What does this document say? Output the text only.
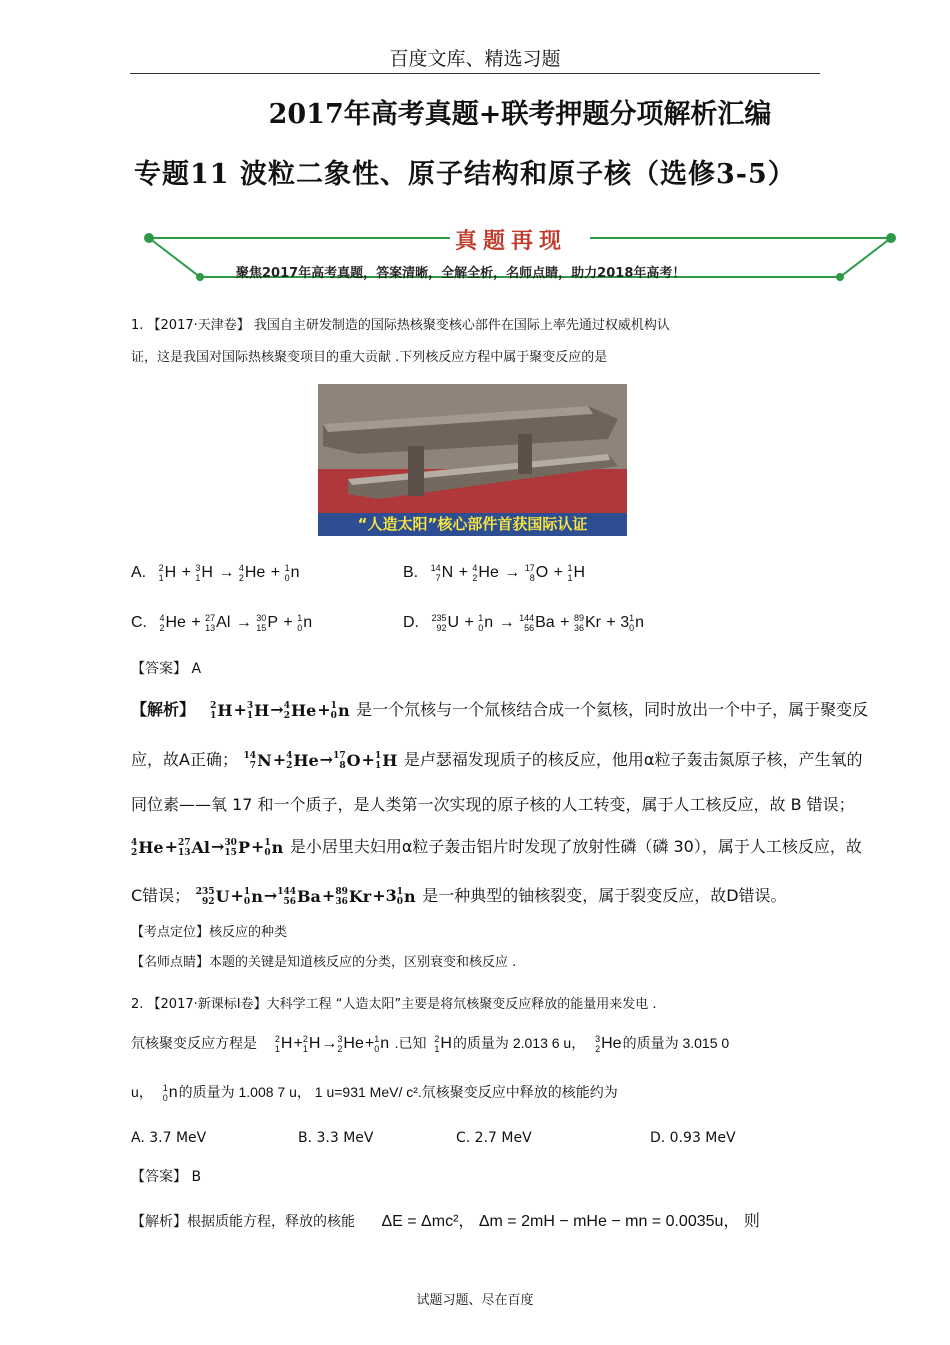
百度文库、精选习题
2017年高考真题+联考押题分项解析汇编
专题11 波粒二象性、原子结构和原子核（选修3-5）
真题再现
聚焦2017年高考真题，答案清晰，全解全析，名师点睛，助力2018年高考！
1. 【2017·天津卷】 我国自主研发制造的国际热核聚变核心部件在国际上率先通过权威机构认
证，这是我国对国际热核聚变项目的重大贡献 .下列核反应方程中属于聚变反应的是
“人造太阳”核心部件首获国际认证
A. 2
1 H + 3
1 H → 4
2 He + 1
0 n	B. 14
7 N + 4
2 He → 17
8 O + 1
1 H
C. 4
2 He + 27
13 Al → 30
15 P + 1
0 n	D. 235
92 U + 1
0 n → 144
56 Ba + 89
36 Kr + 3 1
0 n
【答案】 A
【解析】 2
1 H+ 3
1 H→ 4
2 He+ 1
0 n 是一个氘核与一个氚核结合成一个氦核，同时放出一个中子，属于聚变反
应，故A正确； 14
7 N+ 4
2 He→ 17
8 O+ 1
1 H 是卢瑟福发现质子的核反应，他用α粒子轰击氮原子核，产生氧的
同位素——氧 17 和一个质子，是人类第一次实现的原子核的人工转变，属于人工核反应，故 B 错误；
4
2 He+ 27
13 Al→ 30
15 P+ 1
0 n 是小居里夫妇用α粒子轰击铝片时发现了放射性磷（磷 30），属于人工核反应，故
C错误； 235
92 U+ 1
0 n→ 144
56 Ba+ 89
36 Kr+3 1
0 n 是一种典型的铀核裂变，属于裂变反应，故D错误。
【考点定位】核反应的种类
【名师点睛】本题的关键是知道核反应的分类，区别衰变和核反应 .
2. 【2017·新课标Ⅰ卷】大科学工程 “人造太阳”主要是将氘核聚变反应释放的能量用来发电 .
氘核聚变反应方程是 2
1 H+ 2
1 H→ 3
2 He+ 1
0 n .已知 2
1 H的质量为 2.013 6 u， 3
2 He的质量为 3.015 0
u， 1
0 n的质量为 1.008 7 u， 1 u=931 MeV/ c².氘核聚变反应中释放的核能约为
A. 3.7 MeV	B. 3.3 MeV	C. 2.7 MeV	D. 0.93 MeV
【答案】 B
【解析】根据质能方程，释放的核能 ΔE = Δmc²， Δm = 2mH − mHe − mn = 0.0035u， 则
试题习题、尽在百度
